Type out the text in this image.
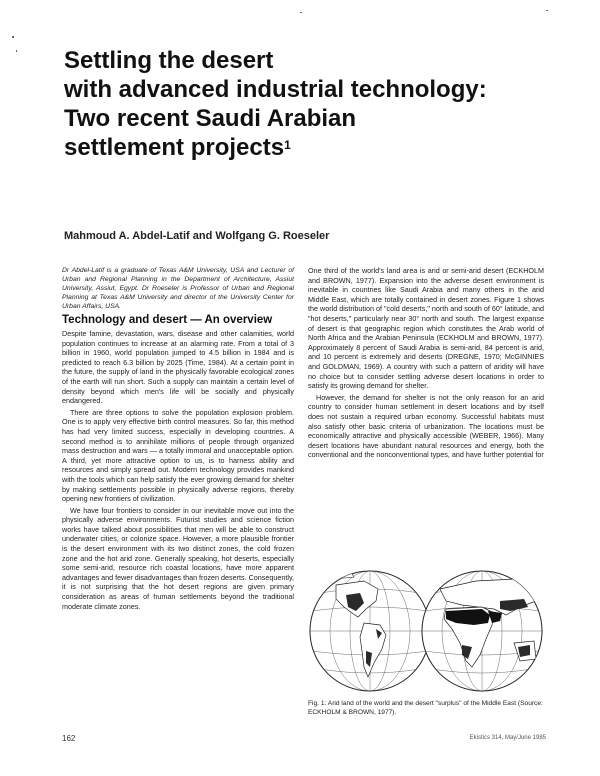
Settling the desert
with advanced industrial technology:
Two recent Saudi Arabian
settlement projects$^1$
Mahmoud A. Abdel-Latif and Wolfgang G. Roeseler

Dr Abdel-Latif is a graduate of Texas A&M University, USA and Lecturer of Urban and Regional Planning in the Department of Architecture, Assiut University, Assiut, Egypt. Dr Roeseler is Professor of Urban and Regional Planning at Texas A&M University and director of the University Center for Urban Affairs, USA.

Technology and desert — An overview

Despite famine, devastation, wars, disease and other calamities, world population continues to increase at an alarming rate. From a total of 3 billion in 1960, world population jumped to 4.5 billion in 1984 and is predicted to reach 6.3 billion by 2025 (Time, 1984). At a certain point in the future, the supply of land in the physically favorable ecological zones of the earth will run short. Such a supply can maintain a certain level of density beyond which men's life will be socially and physically endangered.

There are three options to solve the population explosion problem. One is to apply very effective birth control measures. So far, this method has had very limited success, especially in developing countries. A second method is to annihilate millions of people through organized mass destruction and wars — a totally immoral and unacceptable option. A third, yet more attractive option to us, is to harness ability and resources and simply spread out. Modern technology provides mankind with the tools which can help satisfy the ever growing demand for shelter by making settlements possible in physically adverse regions, thereby opening new frontiers of civilization.

We have four frontiers to consider in our inevitable move out into the physically adverse environments. Futurist studies and science fiction works have talked about possibilities that men will be able to construct underwater cities, or colonize space. However, a more plausible frontier is the desert environment with its two distinct zones, the cold frozen zone and the hot arid zone. Generally speaking, hot deserts, especially some semi-arid, resource rich coastal locations, have more apparent advantages and fewer disadvantages than frozen deserts. Consequently, it is not surprising that the hot desert regions are given primary consideration as areas of human settlements beyond the traditional moderate climate zones.

One third of the world's land area is arid or semi-arid desert (ECKHOLM and BROWN, 1977). Expansion into the adverse desert environment is inevitable in countries like Saudi Arabia and many others in the arid Middle East, which are totally contained in desert zones. Figure 1 shows the world distribution of "cold deserts," north and south of 60° latitude, and "hot deserts," particularly near 30° north and south. The largest expanse of desert is that geographic region which constitutes the Arab world of North Africa and the Arabian Peninsula (ECKHOLM and BROWN, 1977). Approximately 8 percent of Saudi Arabia is semi-arid, 84 percent is arid, and 10 percent is extremely arid deserts (DREGNE, 1970; McGINNIES and GOLDMAN, 1969). A country with such a pattern of aridity will have no choice but to consider settling adverse desert locations in order to satisfy its growing demand for shelter.

However, the demand for shelter is not the only reason for an arid country to consider human settlement in desert locations and by itself does not sustain a required urban economy. Successful habitats must also satisfy other basic criteria of urbanization. The locations must be economically attractive and physically accessible (WEBER, 1966). Many desert locations have abundant natural resources and energy, both the conventional and the nonconventional types, and have further potential for

Fig. 1: Arid land of the world and the desert "surplus" of the Middle East (Source: ECKHOLM & BROWN, 1977).
162	Ekistics 314, May/June 1985
